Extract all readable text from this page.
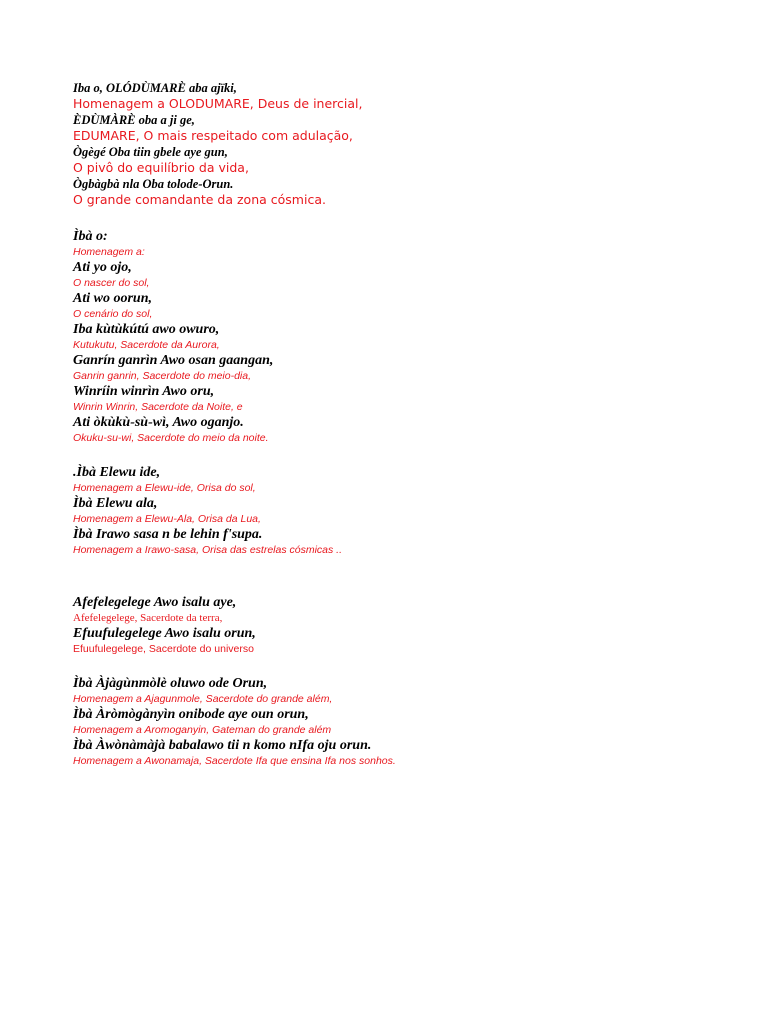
Iba o, OLÓDÙMARÈ aba ajïki,
Homenagem a OLODUMARE, Deus de inercial,
ÈDÙMÀRÈ oba a ji ge,
EDUMARE, O mais respeitado com adulação,
Ògègé Oba tiin gbele aye gun,
O pivô do equilíbrio da vida,
Ògbàgbà nla Oba tolode-Orun.
O grande comandante da zona cósmica.
Ìbà o:
Homenagem a:
Ati yo ojo,
O nascer do sol,
Ati wo oorun,
O cenário do sol,
Iba kùtùkútú awo owuro,
Kutukutu, Sacerdote da Aurora,
Ganrín ganrìn Awo osan gaangan,
Ganrin ganrin, Sacerdote do meio-dia,
Winríin winrìn Awo oru,
Winrin Winrin, Sacerdote da Noite, e
Ati òkùkù-sù-wì, Awo oganjo.
Okuku-su-wi, Sacerdote do meio da noite.
.Ìbà Elewu ide,
Homenagem a Elewu-ide, Orisa do sol,
Ìbà Elewu ala,
Homenagem a Elewu-Ala, Orisa da Lua,
Ìbà Irawo sasa n be lehin f'supa.
Homenagem a Irawo-sasa, Orisa das estrelas cósmicas ..
Afefelegelege Awo isalu aye,
Afefelegelege, Sacerdote da terra,
Efuufulegelege Awo isalu orun,
Efuufulegelege, Sacerdote do universo
Ìbà Àjàgùnmòlè oluwo ode Orun,
Homenagem a Ajagunmole, Sacerdote do grande além,
Ìbà Àròmògànyìn onibode aye oun orun,
Homenagem a Aromoganyin, Gateman do grande além
Ìbà Àwònàmàjà babalawo tii n komo nIfa oju orun.
Homenagem a Awonamaja, Sacerdote Ifa que ensina Ifa nos sonhos.
